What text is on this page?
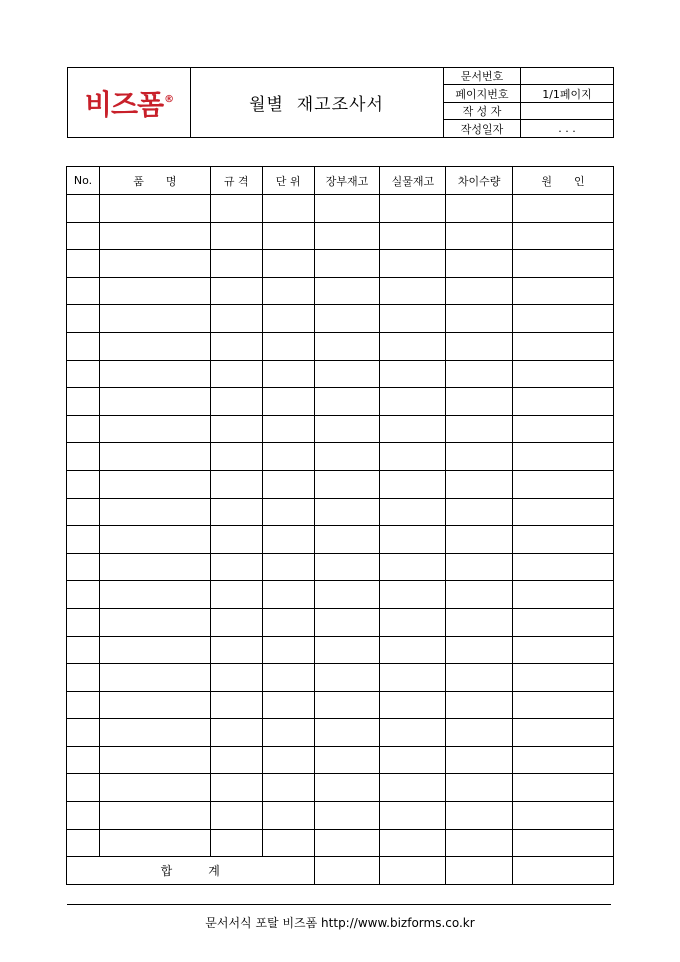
비즈폼®	월별  재고조사서
문서번호	
페이지번호	1/1페이지
작 성 자	
작성일자	. . .
No.	품　　명	규 격	단 위	장부재고	실물재고	차이수량	원　　인

합　　　계							
문서서식 포탈 비즈폼 http://www.bizforms.co.kr
